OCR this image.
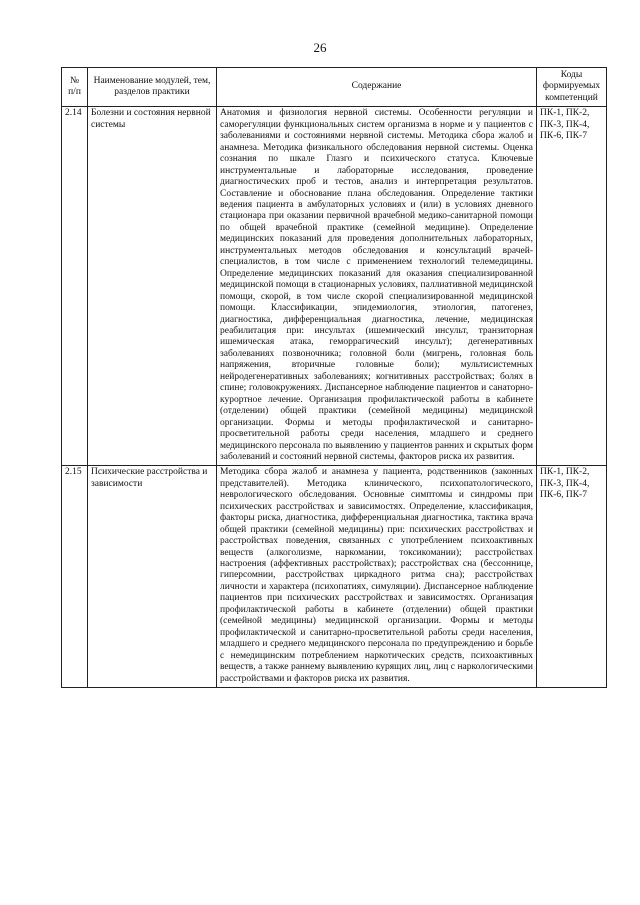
26
№
п/п	Наименование модулей, тем, разделов практики	Содержание	Коды формируемых компетенций
2.14	Болезни и состояния нервной системы	Анатомия и физиология нервной системы. Особенности регуляции и саморегуляции функциональных систем организма в норме и у пациентов с заболеваниями и состояниями нервной системы. Методика сбора жалоб и анамнеза. Методика физикального обследования нервной системы. Оценка сознания по шкале Глазго и психического статуса. Ключевые инструментальные и лабораторные исследования, проведение диагностических проб и тестов, анализ и интерпретация результатов. Составление и обоснование плана обследования. Определение тактики ведения пациента в амбулаторных условиях и (или) в условиях дневного стационара при оказании первичной врачебной медико-санитарной помощи по общей врачебной практике (семейной медицине). Определение медицинских показаний для проведения дополнительных лабораторных, инструментальных методов обследования и консультаций врачей-специалистов, в том числе с применением технологий телемедицины. Определение медицинских показаний для оказания специализированной медицинской помощи в стационарных условиях, паллиативной медицинской помощи, скорой, в том числе скорой специализированной медицинской помощи. Классификации, эпидемиология, этиология, патогенез, диагностика, дифференциальная диагностика, лечение, медицинская реабилитация при: инсультах (ишемический инсульт, транзиторная ишемическая атака, геморрагический инсульт); дегенеративных заболеваниях позвоночника; головной боли (мигрень, головная боль напряжения, вторичные головные боли); мультисистемных нейродегенеративных заболеваниях; когнитивных расстройствах; болях в спине; головокружениях. Диспансерное наблюдение пациентов и санаторно-курортное лечение. Организация профилактической работы в кабинете (отделении) общей практики (семейной медицины) медицинской организации. Формы и методы профилактической и санитарно-просветительной работы среди населения, младшего и среднего медицинского персонала по выявлению у пациентов ранних и скрытых форм заболеваний и состояний нервной системы, факторов риска их развития.	ПК-1, ПК-2, ПК-3, ПК-4, ПК-6, ПК-7
2.15	Психические расстройства и зависимости	Методика сбора жалоб и анамнеза у пациента, родственников (законных представителей). Методика клинического, психопатологического, неврологического обследования. Основные симптомы и синдромы при психических расстройствах и зависимостях. Определение, классификация, факторы риска, диагностика, дифференциальная диагностика, тактика врача общей практики (семейной медицины) при: психических расстройствах и расстройствах поведения, связанных с употреблением психоактивных веществ (алкоголизме, наркомании, токсикомании); расстройствах настроения (аффективных расстройствах); расстройствах сна (бессоннице, гиперсомнии, расстройствах циркадного ритма сна); расстройствах личности и характера (психопатиях, симуляции). Диспансерное наблюдение пациентов при психических расстройствах и зависимостях. Организация профилактической работы в кабинете (отделении) общей практики (семейной медицины) медицинской организации. Формы и методы профилактической и санитарно-просветительной работы среди населения, младшего и среднего медицинского персонала по предупреждению и борьбе с немедицинским потреблением наркотических средств, психоактивных веществ, а также раннему выявлению курящих лиц, лиц с наркологическими расстройствами и факторов риска их развития.	ПК-1, ПК-2, ПК-3, ПК-4, ПК-6, ПК-7
